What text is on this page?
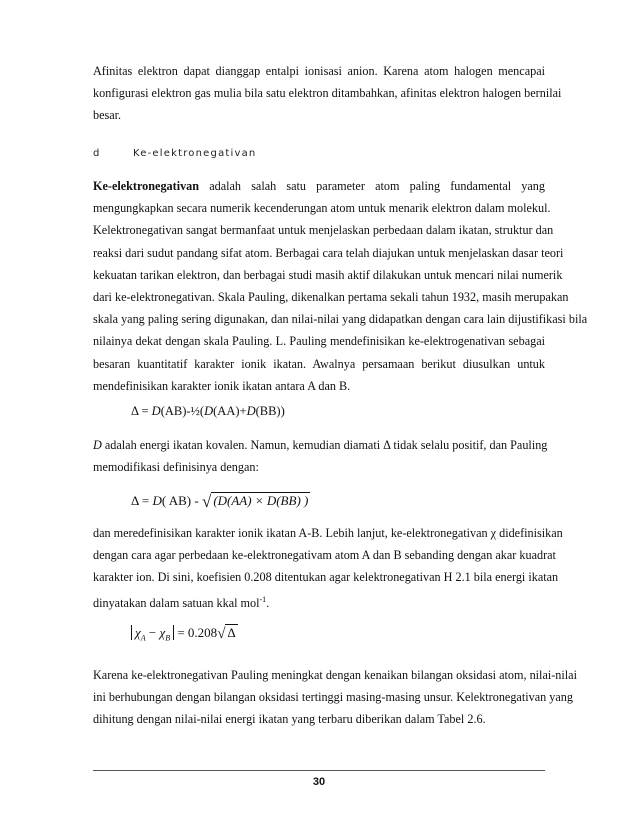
Afinitas elektron dapat dianggap entalpi ionisasi anion. Karena atom halogen mencapai
konfigurasi elektron gas mulia bila satu elektron ditambahkan, afinitas elektron halogen bernilai
besar.
d	Ke-elektronegativan
Ke-elektronegativan adalah salah satu parameter atom paling fundamental yang
mengungkapkan secara numerik kecenderungan atom untuk menarik elektron dalam molekul.
Kelektronegativan sangat bermanfaat untuk menjelaskan perbedaan dalam ikatan, struktur dan
reaksi dari sudut pandang sifat atom. Berbagai cara telah diajukan untuk menjelaskan dasar teori
kekuatan tarikan elektron, dan berbagai studi masih aktif dilakukan untuk mencari nilai numerik
dari ke-elektronegativan. Skala Pauling, dikenalkan pertama sekali tahun 1932, masih merupakan
skala yang paling sering digunakan, dan nilai-nilai yang didapatkan dengan cara lain dijustifikasi bila
nilainya dekat dengan skala Pauling. L. Pauling mendefinisikan ke-elektrogenativan sebagai
besaran kuantitatif karakter ionik ikatan. Awalnya persamaan berikut diusulkan untuk
mendefinisikan karakter ionik ikatan antara A dan B.
Δ = D(AB)-½(D(AA)+D(BB))
D adalah energi ikatan kovalen. Namun, kemudian diamati Δ tidak selalu positif, dan Pauling
memodifikasi definisinya dengan:
Δ = D( AB) - √ (D(AA) × D(BB) )
dan meredefinisikan karakter ionik ikatan A-B. Lebih lanjut, ke-elektronegativan χ didefinisikan
dengan cara agar perbedaan ke-elektronegativam atom A dan B sebanding dengan akar kuadrat
karakter ion. Di sini, koefisien 0.208 ditentukan agar kelektronegativan H 2.1 bila energi ikatan
dinyatakan dalam satuan kkal mol$^{-1}$.
$\chi_A - \chi_B = 0.208√$ Δ
Karena ke-elektronegativan Pauling meningkat dengan kenaikan bilangan oksidasi atom, nilai-nilai
ini berhubungan dengan bilangan oksidasi tertinggi masing-masing unsur. Kelektronegativan yang
dihitung dengan nilai-nilai energi ikatan yang terbaru diberikan dalam Tabel 2.6.
30
